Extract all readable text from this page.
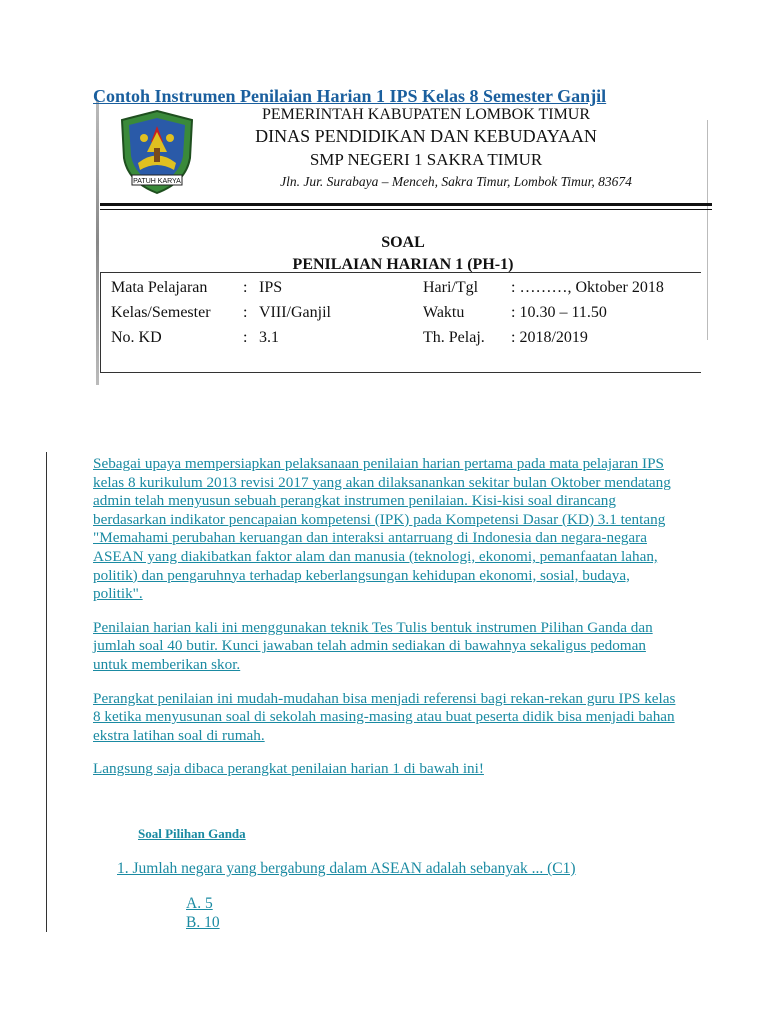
Contoh Instrumen Penilaian Harian 1 IPS Kelas 8 Semester Ganjil
PATUH KARYA
PEMERINTAH KABUPATEN LOMBOK TIMUR
DINAS PENDIDIKAN DAN KEBUDAYAAN
SMP NEGERI 1 SAKRA TIMUR
Jln. Jur. Surabaya – Menceh, Sakra Timur, Lombok Timur, 83674
SOAL
PENILAIAN HARIAN 1 (PH-1)
Mata Pelajaran : IPS	Hari/Tgl : ………, Oktober 2018
Kelas/Semester : VIII/Ganjil	Waktu	: 10.30 – 11.50
No. KD	: 3.1	Th. Pelaj. : 2018/2019

Sebagai upaya mempersiapkan pelaksanaan penilaian harian pertama pada mata pelajaran IPS kelas 8 kurikulum 2013 revisi 2017 yang akan dilaksanankan sekitar bulan Oktober mendatang admin telah menyusun sebuah perangkat instrumen penilaian. Kisi-kisi soal dirancang berdasarkan indikator pencapaian kompetensi (IPK) pada Kompetensi Dasar (KD) 3.1 tentang "Memahami perubahan keruangan dan interaksi antarruang di Indonesia dan negara-negara ASEAN yang diakibatkan faktor alam dan manusia (teknologi, ekonomi, pemanfaatan lahan, politik) dan pengaruhnya terhadap keberlangsungan kehidupan ekonomi, sosial, budaya, politik".

Penilaian harian kali ini menggunakan teknik Tes Tulis bentuk instrumen Pilihan Ganda dan jumlah soal 40 butir. Kunci jawaban telah admin sediakan di bawahnya sekaligus pedoman untuk memberikan skor.

Perangkat penilaian ini mudah-mudahan bisa menjadi referensi bagi rekan-rekan guru IPS kelas 8 ketika menyusunan soal di sekolah masing-masing atau buat peserta didik bisa menjadi bahan ekstra latihan soal di rumah.

Langsung saja dibaca perangkat penilaian harian 1 di bawah ini!

Soal Pilihan Ganda
1. Jumlah negara yang bergabung dalam ASEAN adalah sebanyak ... (C1)
A. 5
B. 10
